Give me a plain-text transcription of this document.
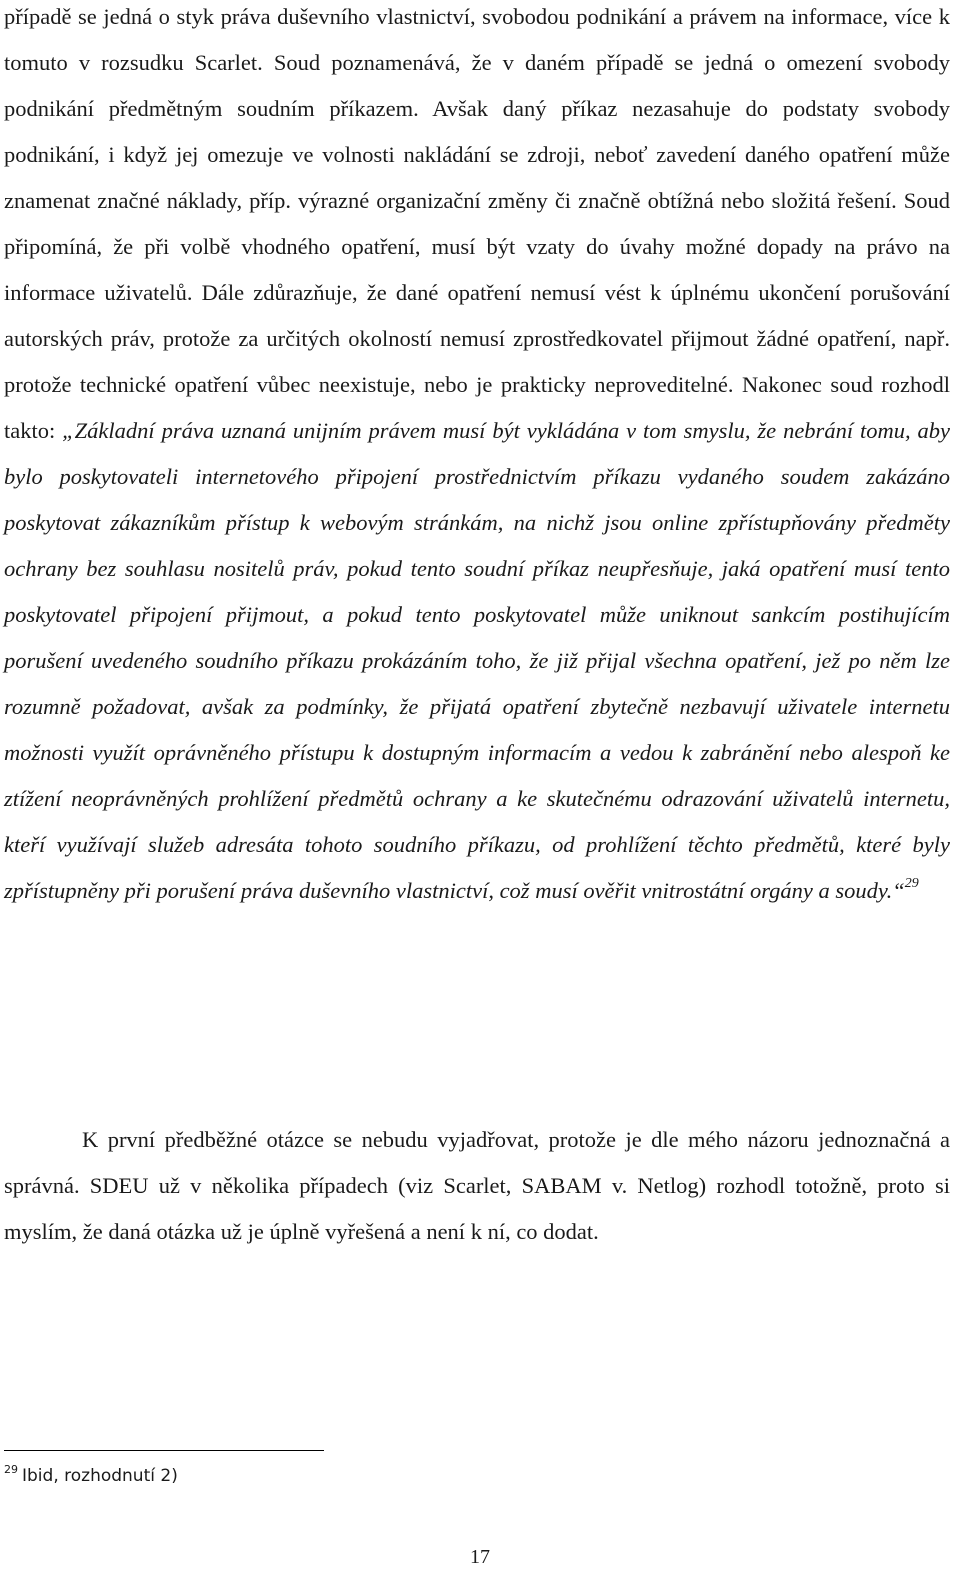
případě se jedná o styk práva duševního vlastnictví, svobodou podnikání a právem na informace, více k tomuto v rozsudku Scarlet. Soud poznamenává, že v daném případě se jedná o omezení svobody podnikání předmětným soudním příkazem. Avšak daný příkaz nezasahuje do podstaty svobody podnikání, i když jej omezuje ve volnosti nakládání se zdroji, neboť zavedení daného opatření může znamenat značné náklady, příp. výrazné organizační změny či značně obtížná nebo složitá řešení. Soud připomíná, že při volbě vhodného opatření, musí být vzaty do úvahy možné dopady na právo na informace uživatelů. Dále zdůrazňuje, že dané opatření nemusí vést k úplnému ukončení porušování autorských práv, protože za určitých okolností nemusí zprostředkovatel přijmout žádné opatření, např. protože technické opatření vůbec neexistuje, nebo je prakticky neproveditelné. Nakonec soud rozhodl takto: „Základní práva uznaná unijním právem musí být vykládána v tom smyslu, že nebrání tomu, aby bylo poskytovateli internetového připojení prostřednictvím příkazu vydaného soudem zakázáno poskytovat zákazníkům přístup k webovým stránkám, na nichž jsou online zpřístupňovány předměty ochrany bez souhlasu nositelů práv, pokud tento soudní příkaz neupřesňuje, jaká opatření musí tento poskytovatel připojení přijmout, a pokud tento poskytovatel může uniknout sankcím postihujícím porušení uvedeného soudního příkazu prokázáním toho, že již přijal všechna opatření, jež po něm lze rozumně požadovat, avšak za podmínky, že přijatá opatření zbytečně nezbavují uživatele internetu možnosti využít oprávněného přístupu k dostupným informacím a vedou k zabránění nebo alespoň ke ztížení neoprávněných prohlížení předmětů ochrany a ke skutečnému odrazování uživatelů internetu, kteří využívají služeb adresáta tohoto soudního příkazu, od prohlížení těchto předmětů, které byly zpřístupněny při porušení práva duševního vlastnictví, což musí ověřit vnitrostátní orgány a soudy.“$^{29}$

K první předběžné otázce se nebudu vyjadřovat, protože je dle mého názoru jednoznačná a správná. SDEU už v několika případech (viz Scarlet, SABAM v. Netlog) rozhodl totožně, proto si myslím, že daná otázka už je úplně vyřešená a není k ní, co dodat.

$^{29}$ Ibid, rozhodnutí 2)

17
